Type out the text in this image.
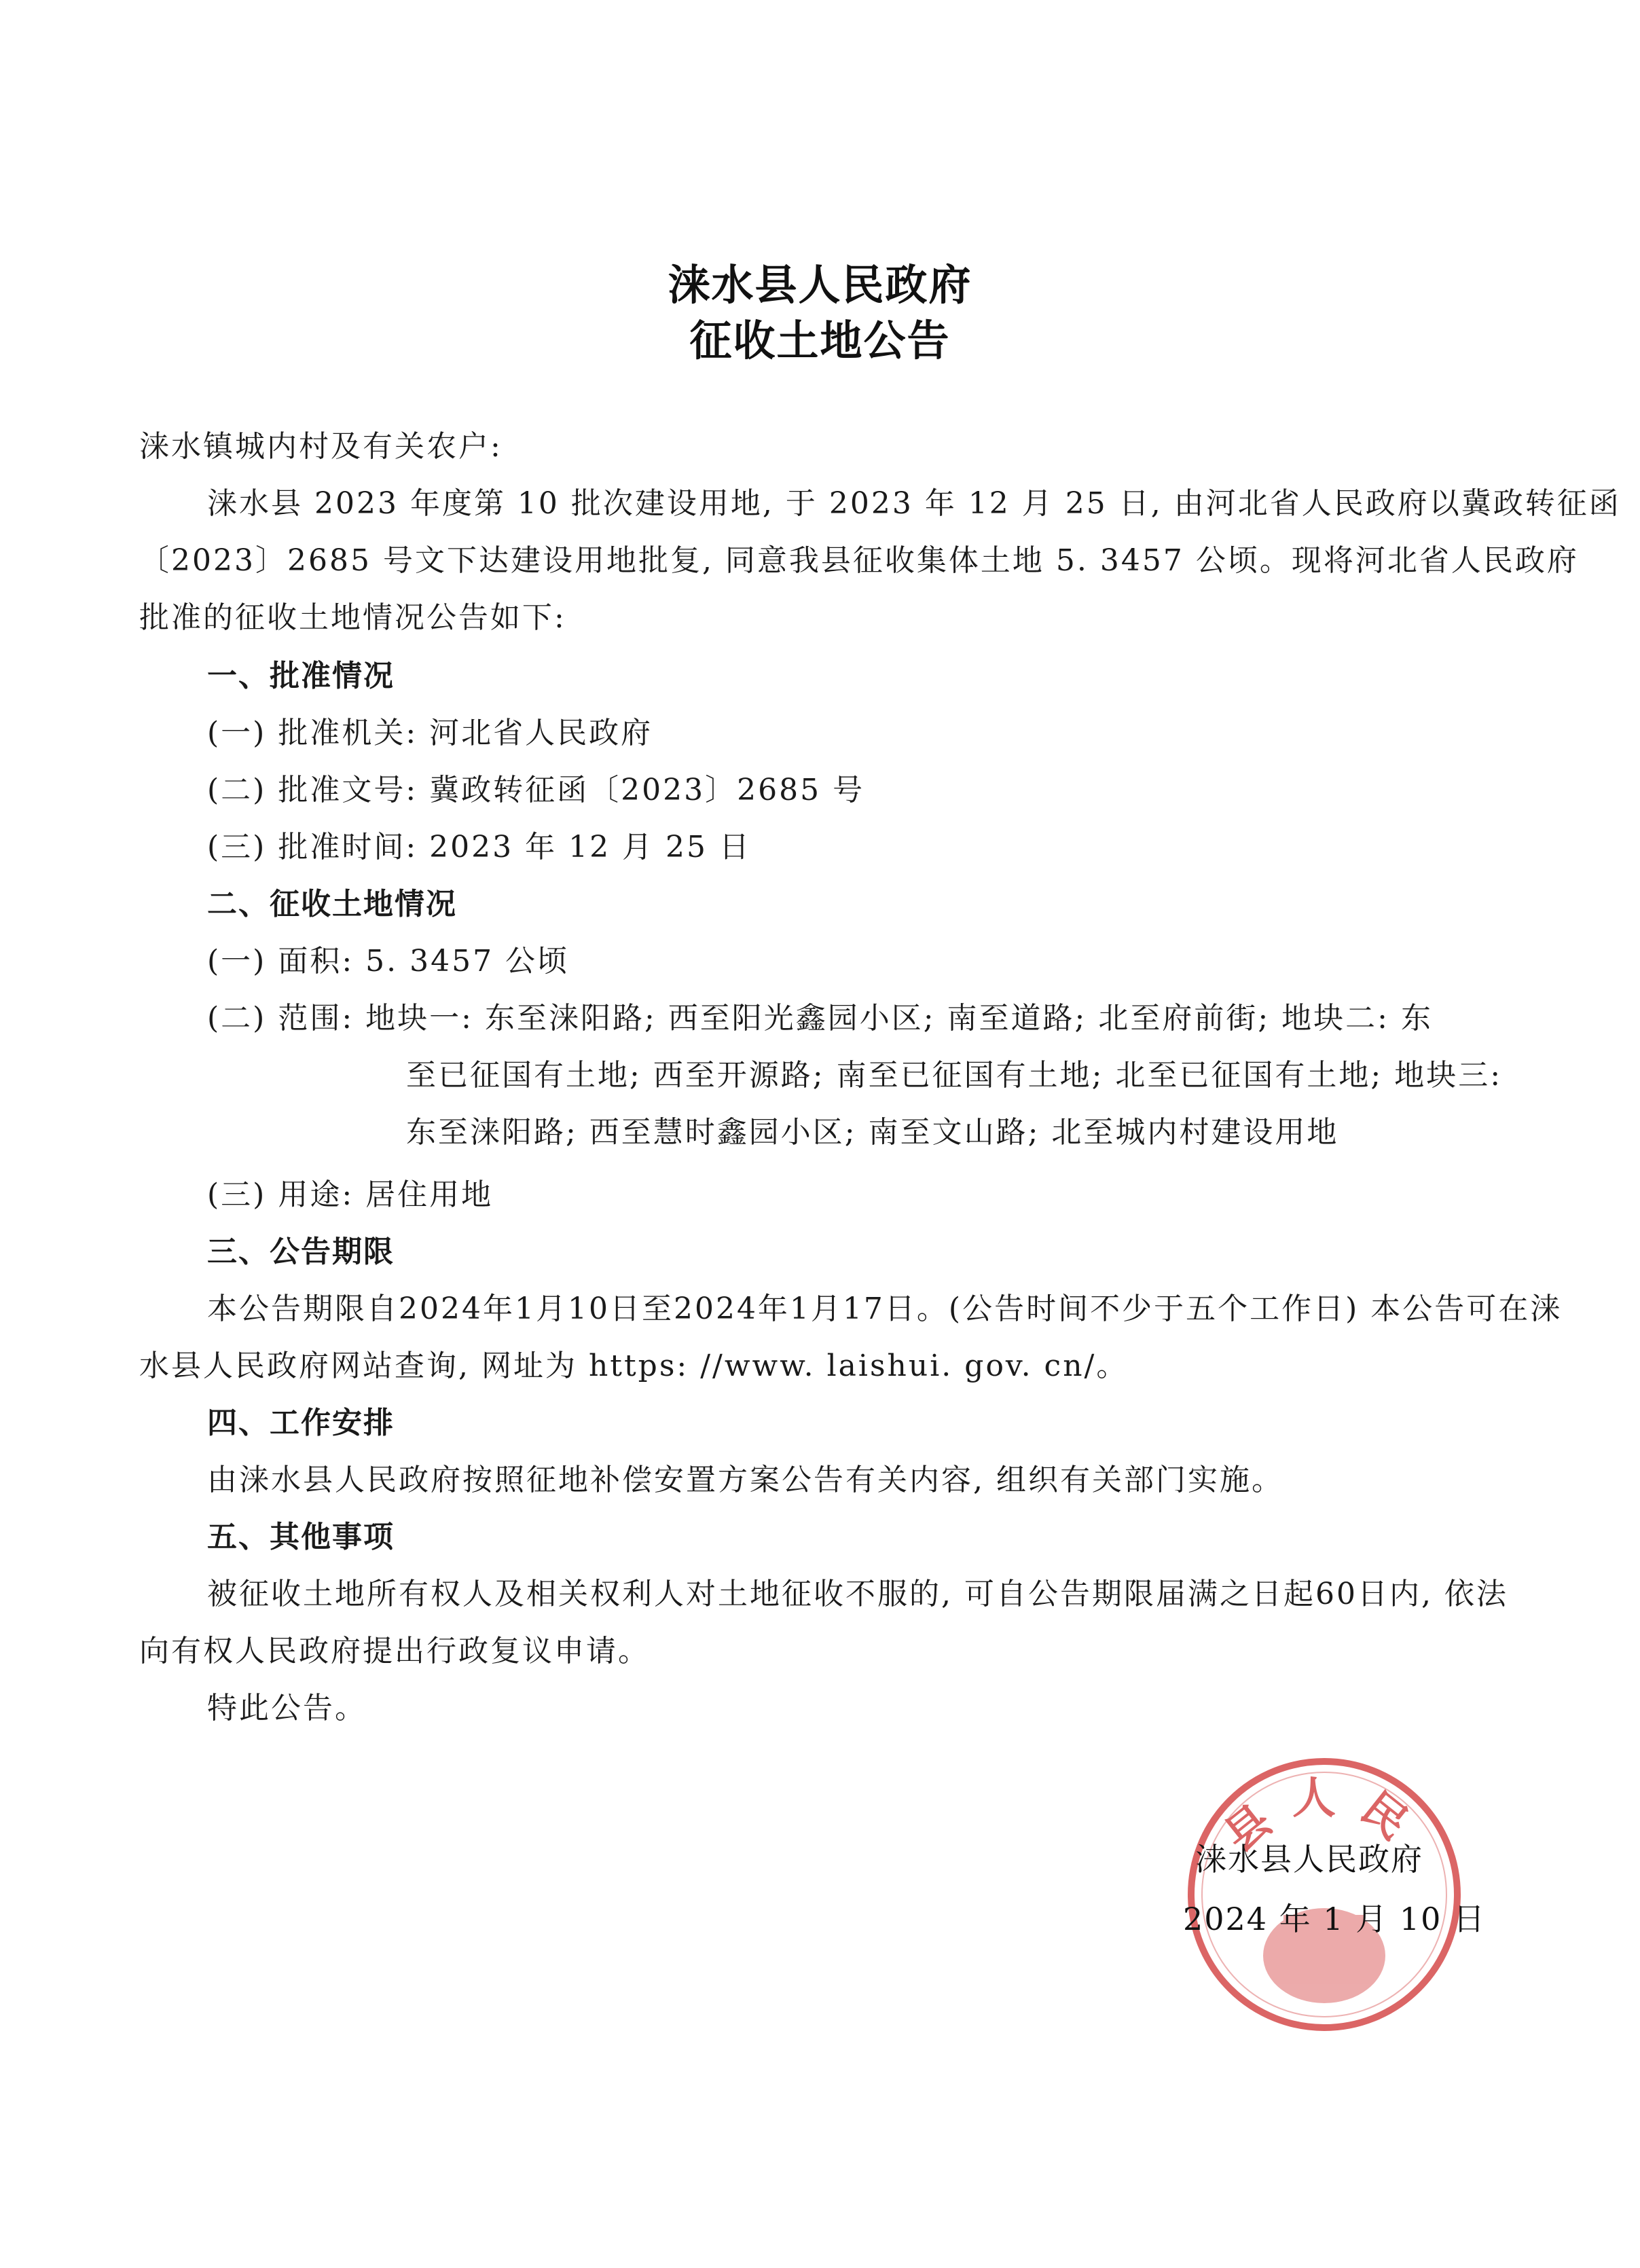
涞水县人民政府
征收土地公告
涞水镇城内村及有关农户:
涞水县 2023 年度第 10 批次建设用地, 于 2023 年 12 月 25 日, 由河北省人民政府以冀政转征函
〔2023〕2685 号文下达建设用地批复, 同意我县征收集体土地 5. 3457 公顷。现将河北省人民政府
批准的征收土地情况公告如下:
一、批准情况
(一) 批准机关: 河北省人民政府
(二) 批准文号: 冀政转征函〔2023〕2685 号
(三) 批准时间: 2023 年 12 月 25 日
二、征收土地情况
(一) 面积: 5. 3457 公顷
(二) 范围: 地块一: 东至涞阳路; 西至阳光鑫园小区; 南至道路; 北至府前街; 地块二: 东
至已征国有土地; 西至开源路; 南至已征国有土地; 北至已征国有土地; 地块三:
东至涞阳路; 西至慧时鑫园小区; 南至文山路; 北至城内村建设用地
(三) 用途: 居住用地
三、公告期限
本公告期限自2024年1月10日至2024年1月17日。(公告时间不少于五个工作日) 本公告可在涞
水县人民政府网站查询, 网址为 https: //www. laishui. gov. cn/。
四、工作安排
由涞水县人民政府按照征地补偿安置方案公告有关内容, 组织有关部门实施。
五、其他事项
被征收土地所有权人及相关权利人对土地征收不服的, 可自公告期限届满之日起60日内, 依法
向有权人民政府提出行政复议申请。
特此公告。
县人民
涞水县人民政府
2024 年 1 月 10 日
